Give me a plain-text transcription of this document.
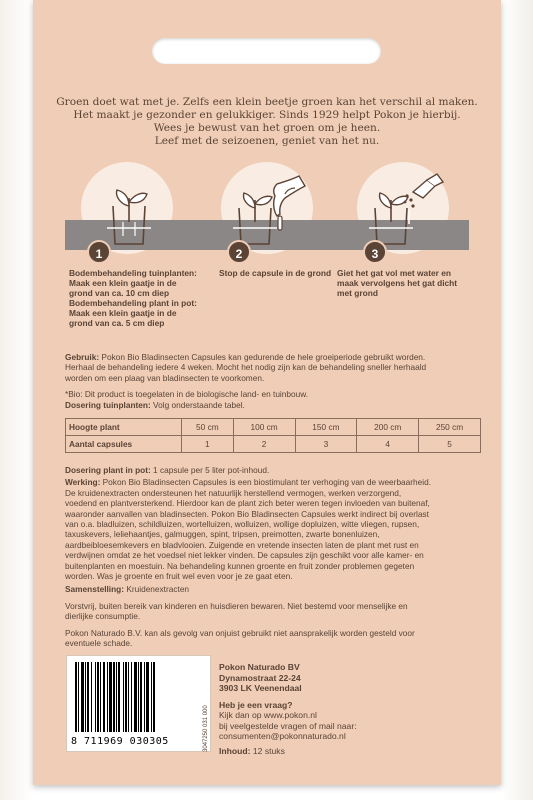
Groen doet wat met je. Zelfs een klein beetje groen kan het verschil al maken.
Het maakt je gezonder en gelukkiger. Sinds 1929 helpt Pokon je hierbij.
Wees je bewust van het groen om je heen.
Leef met de seizoenen, geniet van het nu.
1
Bodembehandeling tuinplanten:
Maak een klein gaatje in de
grond van ca. 10 cm diep
Bodembehandeling plant in pot:
Maak een klein gaatje in de
grond van ca. 5 cm diep
2
Stop de capsule in de grond
3
Giet het gat vol met water en
maak vervolgens het gat dicht
met grond

Gebruik: Pokon Bio Bladinsecten Capsules kan gedurende de hele groeiperiode gebruikt worden.

Herhaal de behandeling iedere 4 weken. Mocht het nodig zijn kan de behandeling sneller herhaald

worden om een plaag van bladinsecten te voorkomen.

*Bio: Dit product is toegelaten in de biologische land- en tuinbouw.

Dosering tuinplanten: Volg onderstaande tabel.

Hoogte plant	50 cm	100 cm	150 cm	200 cm	250 cm
Aantal capsules	1	2	3	4	5

Dosering plant in pot: 1 capsule per 5 liter pot-inhoud.

Werking: Pokon Bio Bladinsecten Capsules is een biostimulant ter verhoging van de weerbaarheid.

De kruidenextracten ondersteunen het natuurlijk herstellend vermogen, werken verzorgend,

voedend en plantversterkend. Hierdoor kan de plant zich beter weren tegen invloeden van buitenaf,

waaronder aanvallen van bladinsecten. Pokon Bio Bladinsecten Capsules werkt indirect bij overlast

van o.a. bladluizen, schildluizen, wortelluizen, wolluizen, wollige dopluizen, witte vliegen, rupsen,

taxuskevers, leliehaantjes, galmuggen, spint, tripsen, preimotten, zwarte bonenluizen,

aardbeibloesemkevers en bladvlooien. Zuigende en vretende insecten laten de plant met rust en

verdwijnen omdat ze het voedsel niet lekker vinden. De capsules zijn geschikt voor alle kamer- en

buitenplanten en moestuin. Na behandeling kunnen groente en fruit zonder problemen gegeten

worden. Was je groente en fruit wel even voor je ze gaat eten.

Samenstelling: Kruidenextracten

Vorstvrij, buiten bereik van kinderen en huisdieren bewaren. Niet bestemd voor menselijke en

dierlijke consumptie.

Pokon Naturado B.V. kan als gevolg van onjuist gebruikt niet aansprakelijk worden gesteld voor

eventuele schade.

8 711969 030305	3047250 031 000
Pokon Naturado BV
Dynamostraat 22-24
3903 LK Veenendaal
Heb je een vraag?
Kijk dan op www.pokon.nl
bij veelgestelde vragen of mail naar:
consumenten@pokonnaturado.nl
Inhoud: 12 stuks
